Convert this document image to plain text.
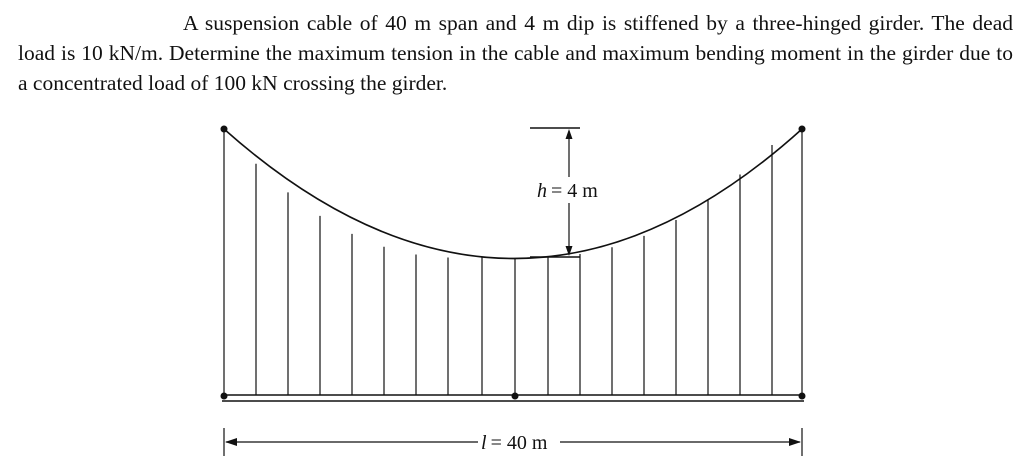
A suspension cable of 40 m span and 4 m dip is stiffened by a three-hinged girder. The dead load is 10 kN/m. Determine the maximum tension in the cable and maximum bending moment in the girder due to a concentrated load of 100 kN crossing the girder.

h = 4 m
l = 40 m
